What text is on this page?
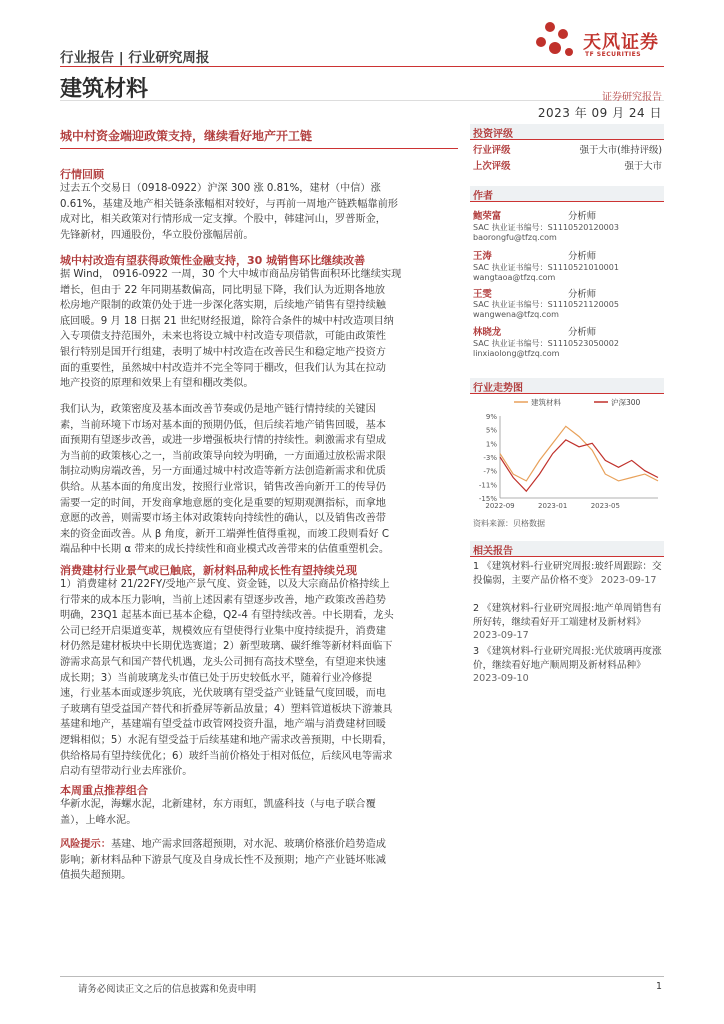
行业报告 | 行业研究周报
天风证券
TF SECURITIES
建筑材料	证券研究报告
2023 年 09 月 24 日
城中村资金端迎政策支持，继续看好地产开工链
行情回顾
过去五个交易日（0918-0922）沪深 300 涨 0.81%，建材（中信）涨
0.61%，基建及地产相关链条涨幅相对较好，与再前一周地产链跌幅靠前形
成对比，相关政策对行情形成一定支撑。个股中，韩建河山，罗普斯金，
先锋新材，四通股份，华立股份涨幅居前。
城中村改造有望获得政策性金融支持，30 城销售环比继续改善
据 Wind， 0916-0922 一周，30 个大中城市商品房销售面积环比继续实现
增长，但由于 22 年同期基数偏高，同比明显下降，我们认为近期各地放
松房地产限制的政策仍处于进一步深化落实期，后续地产销售有望持续触
底回暖。9 月 18 日据 21 世纪财经报道，除符合条件的城中村改造项目纳
入专项债支持范围外，未来也将设立城中村改造专项借款，可能由政策性
银行特别是国开行组建，表明了城中村改造在改善民生和稳定地产投资方
面的重要性，虽然城中村改造并不完全等同于棚改，但我们认为其在拉动
地产投资的原理和效果上有望和棚改类似。
我们认为，政策密度及基本面改善节奏或仍是地产链行情持续的关键因
素，当前环境下市场对基本面的预期仍低，但后续若地产销售回暖，基本
面预期有望逐步改善，或进一步增强板块行情的持续性。刺激需求有望成
为当前的政策核心之一，当前政策导向较为明确，一方面通过放松需求限
制拉动购房端改善，另一方面通过城中村改造等新方法创造新需求和优质
供给。从基本面的角度出发，按照行业常识，销售改善向新开工的传导仍
需要一定的时间，开发商拿地意愿的变化是重要的短期观测指标，而拿地
意愿的改善，则需要市场主体对政策转向持续性的确认，以及销售改善带
来的资金面改善。从 β 角度，新开工端弹性值得重视，而竣工段则看好 C
端品种中长期 α 带来的成长持续性和商业模式改善带来的估值重塑机会。
消费建材行业景气或已触底，新材料品种成长性有望持续兑现
1）消费建材 21/22FY/受地产景气度、资金链，以及大宗商品价格持续上
行带来的成本压力影响，当前上述因素有望逐步改善，地产政策改善趋势
明确，23Q1 起基本面已基本企稳，Q2-4 有望持续改善。中长期看，龙头
公司已经开启渠道变革，规模效应有望使得行业集中度持续提升，消费建
材仍然是建材板块中长期优选赛道；2）新型玻璃、碳纤维等新材料面临下
游需求高景气和国产替代机遇，龙头公司拥有高技术壁垒，有望迎来快速
成长期；3）当前玻璃龙头市值已处于历史较低水平，随着行业冷修提
速，行业基本面或逐步筑底，光伏玻璃有望受益产业链量气度回暖，而电
子玻璃有望受益国产替代和折叠屏等新品放量；4）塑料管道板块下游兼具
基建和地产，基建端有望受益市政管网投资升温，地产端与消费建材回暖
逻辑相似；5）水泥有望受益于后续基建和地产需求改善预期，中长期看，
供给格局有望持续优化；6）玻纤当前价格处于相对低位，后续风电等需求
启动有望带动行业去库涨价。
本周重点推荐组合
华新水泥，海螺水泥，北新建材，东方雨虹，凯盛科技（与电子联合覆
盖），上峰水泥。
风险提示：基建、地产需求回落超预期，对水泥、玻璃价格涨价趋势造成
影响；新材料品种下游景气度及自身成长性不及预期；地产产业链坏账减
值损失超预期。
投资评级
行业评级	强于大市(维持评级)
上次评级	强于大市
作者
鲍荣富	分析师
SAC 执业证书编号：S1110520120003
baorongfu@tfzq.com
王涛	分析师
SAC 执业证书编号：S1110521010001
wangtaoa@tfzq.com
王雯	分析师
SAC 执业证书编号：S1110521120005
wangwena@tfzq.com
林晓龙	分析师
SAC 执业证书编号：S1110523050002
linxiaolong@tfzq.com
行业走势图
9%
5%
1%
-3%
-7%
-11%
-15%
2022-09	2023-01	2023-05
建筑材料	沪深300
资料来源：贝格数据
相关报告
1 《建筑材料-行业研究周报:玻纤周跟踪：交投偏弱，主要产品价格不变》 2023-09-17
2 《建筑材料-行业研究周报:地产单周销售有所好转，继续看好开工端建材及新材料》 2023-09-17
3 《建筑材料-行业研究周报:光伏玻璃再度涨价，继续看好地产顺周期及新材料品种》 2023-09-10
请务必阅读正文之后的信息披露和免责申明	1
